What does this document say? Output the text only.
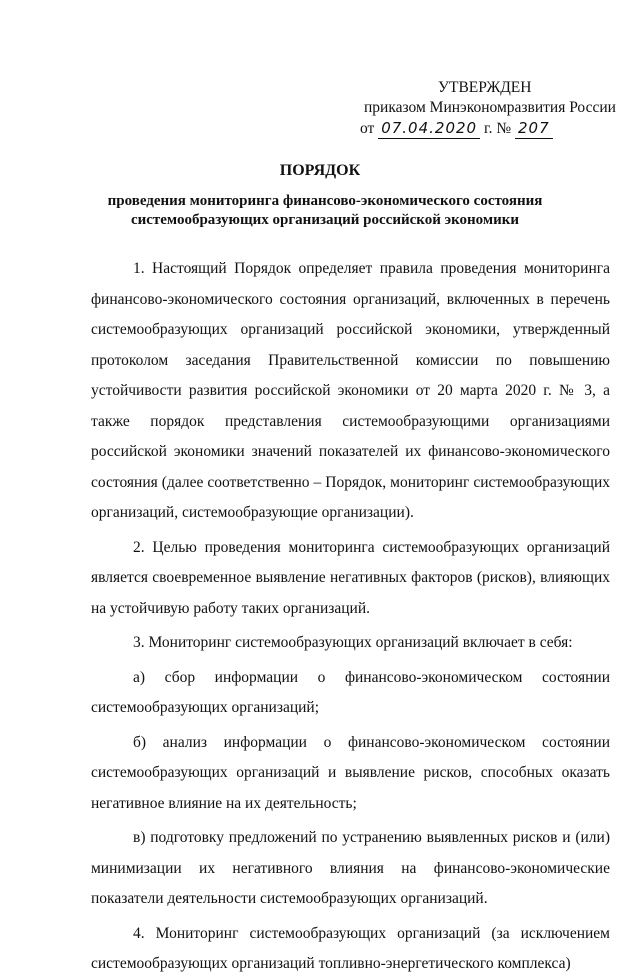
УТВЕРЖДЕН
приказом Минэкономразвития России
от 07.04.2020 г. № 207
ПОРЯДОК
проведения мониторинга финансово-экономического состояния системообразующих организаций российской экономики

1. Настоящий Порядок определяет правила проведения мониторинга финансово-экономического состояния организаций, включенных в перечень системообразующих организаций российской экономики, утвержденный протоколом заседания Правительственной комиссии по повышению устойчивости развития российской экономики от 20 марта 2020 г. № 3, а также порядок представления системообразующими организациями российской экономики значений показателей их финансово-экономического состояния (далее соответственно – Порядок, мониторинг системообразующих организаций, системообразующие организации).

2. Целью проведения мониторинга системообразующих организаций является своевременное выявление негативных факторов (рисков), влияющих на устойчивую работу таких организаций.

3. Мониторинг системообразующих организаций включает в себя:

а) сбор информации о финансово-экономическом состоянии системообразующих организаций;

б) анализ информации о финансово-экономическом состоянии системообразующих организаций и выявление рисков, способных оказать негативное влияние на их деятельность;

в) подготовку предложений по устранению выявленных рисков и (или) минимизации их негативного влияния на финансово-экономические показатели деятельности системообразующих организаций.

4. Мониторинг системообразующих организаций (за исключением системообразующих организаций топливно-энергетического комплекса)
